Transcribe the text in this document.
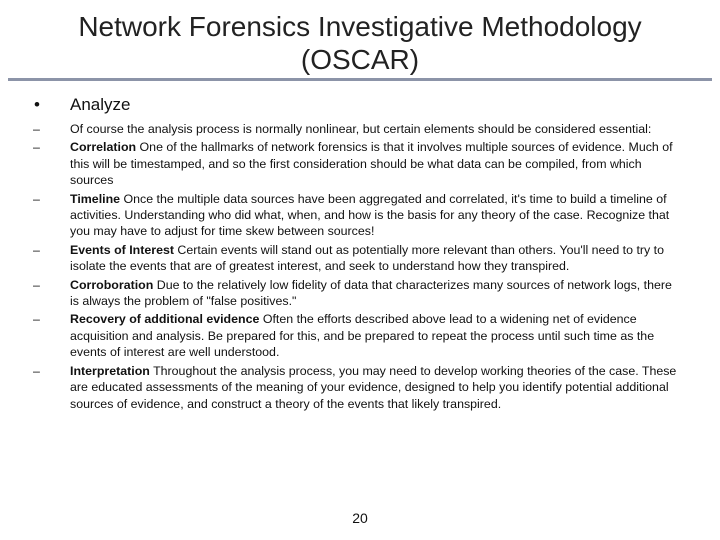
Network Forensics Investigative Methodology
(OSCAR)
• Analyze
– Of course the analysis process is normally nonlinear, but certain elements should be considered essential:
– Correlation One of the hallmarks of network forensics is that it involves multiple sources of evidence. Much of this will be timestamped, and so the first consideration should be what data can be compiled, from which sources
– Timeline Once the multiple data sources have been aggregated and correlated, it's time to build a timeline of activities. Understanding who did what, when, and how is the basis for any theory of the case. Recognize that you may have to adjust for time skew between sources!
– Events of Interest Certain events will stand out as potentially more relevant than others. You'll need to try to isolate the events that are of greatest interest, and seek to understand how they transpired.
– Corroboration Due to the relatively low fidelity of data that characterizes many sources of network logs, there is always the problem of "false positives."
– Recovery of additional evidence Often the efforts described above lead to a widening net of evidence acquisition and analysis. Be prepared for this, and be prepared to repeat the process until such time as the events of interest are well understood.
– Interpretation Throughout the analysis process, you may need to develop working theories of the case. These are educated assessments of the meaning of your evidence, designed to help you identify potential additional sources of evidence, and construct a theory of the events that likely transpired.
20
